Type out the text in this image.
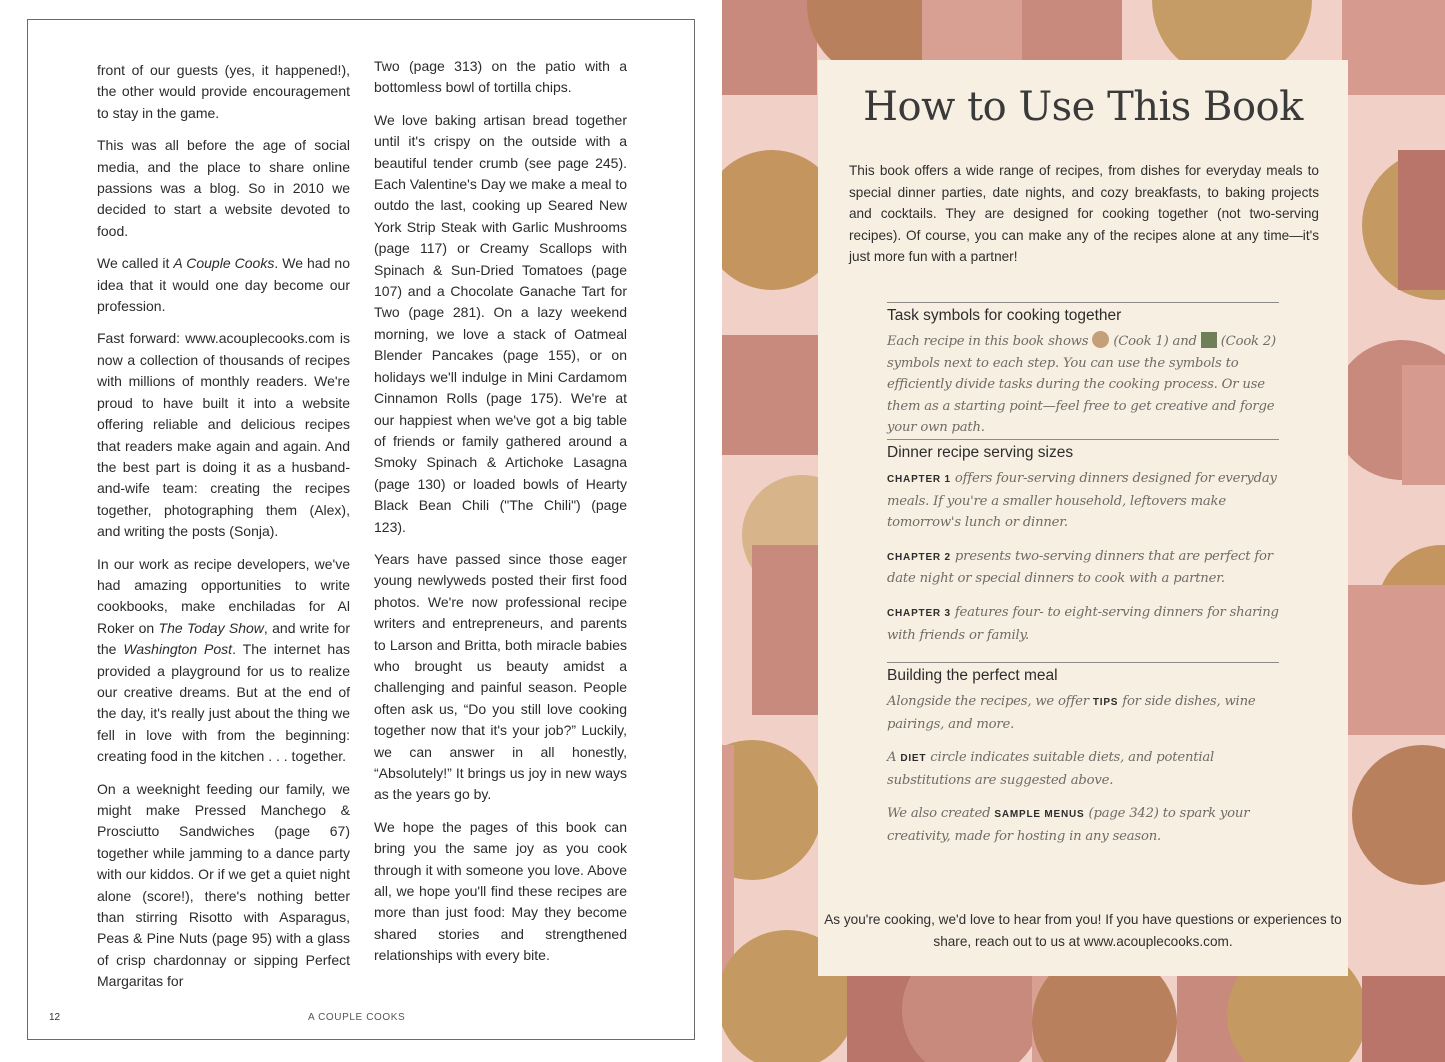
front of our guests (yes, it happened!), the other would provide encouragement to stay in the game.

This was all before the age of social media, and the place to share online passions was a blog. So in 2010 we decided to start a website devoted to food.

We called it A Couple Cooks. We had no idea that it would one day become our profession.

Fast forward: www.acouplecooks.com is now a collection of thousands of recipes with millions of monthly readers. We're proud to have built it into a website offering reliable and delicious recipes that readers make again and again. And the best part is doing it as a husband-and-wife team: creating the recipes together, photographing them (Alex), and writing the posts (Sonja).

In our work as recipe developers, we've had amazing opportunities to write cookbooks, make enchiladas for Al Roker on The Today Show, and write for the Washington Post. The internet has provided a playground for us to realize our creative dreams. But at the end of the day, it's really just about the thing we fell in love with from the beginning: creating food in the kitchen . . . together.

On a weeknight feeding our family, we might make Pressed Manchego & Prosciutto Sandwiches (page 67) together while jamming to a dance party with our kiddos. Or if we get a quiet night alone (score!), there's nothing better than stirring Risotto with Asparagus, Peas & Pine Nuts (page 95) with a glass of crisp chardonnay or sipping Perfect Margaritas for

Two (page 313) on the patio with a bottomless bowl of tortilla chips.

We love baking artisan bread together until it's crispy on the outside with a beautiful tender crumb (see page 245). Each Valentine's Day we make a meal to outdo the last, cooking up Seared New York Strip Steak with Garlic Mushrooms (page 117) or Creamy Scallops with Spinach & Sun-Dried Tomatoes (page 107) and a Chocolate Ganache Tart for Two (page 281). On a lazy weekend morning, we love a stack of Oatmeal Blender Pancakes (page 155), or on holidays we'll indulge in Mini Cardamom Cinnamon Rolls (page 175). We're at our happiest when we've got a big table of friends or family gathered around a Smoky Spinach & Artichoke Lasagna (page 130) or loaded bowls of Hearty Black Bean Chili ("The Chili") (page 123).

Years have passed since those eager young newlyweds posted their first food photos. We're now professional recipe writers and entrepreneurs, and parents to Larson and Britta, both miracle babies who brought us beauty amidst a challenging and painful season. People often ask us, “Do you still love cooking together now that it's your job?” Luckily, we can answer in all honestly, “Absolutely!” It brings us joy in new ways as the years go by.

We hope the pages of this book can bring you the same joy as you cook through it with someone you love. Above all, we hope you'll find these recipes are more than just food: May they become shared stories and strengthened relationships with every bite.

12	A COUPLE COOKS
How to Use This Book
This book offers a wide range of recipes, from dishes for everyday meals to special dinner parties, date nights, and cozy breakfasts, to baking projects and cocktails. They are designed for cooking together (not two-serving recipes). Of course, you can make any of the recipes alone at any time—it's just more fun with a partner!
Task symbols for cooking together

Each recipe in this book shows  (Cook 1) and  (Cook 2) symbols next to each step. You can use the symbols to efficiently divide tasks during the cooking process. Or use them as a starting point—feel free to get creative and forge your own path.

Dinner recipe serving sizes

CHAPTER 1 offers four-serving dinners designed for everyday meals. If you're a smaller household, leftovers make tomorrow's lunch or dinner.

CHAPTER 2 presents two-serving dinners that are perfect for date night or special dinners to cook with a partner.

CHAPTER 3 features four- to eight-serving dinners for sharing with friends or family.

Building the perfect meal

Alongside the recipes, we offer TIPS for side dishes, wine pairings, and more.

A DIET circle indicates suitable diets, and potential substitutions are suggested above.

We also created SAMPLE MENUS (page 342) to spark your creativity, made for hosting in any season.

As you're cooking, we'd love to hear from you! If you have questions or experiences to share, reach out to us at www.acouplecooks.com.
